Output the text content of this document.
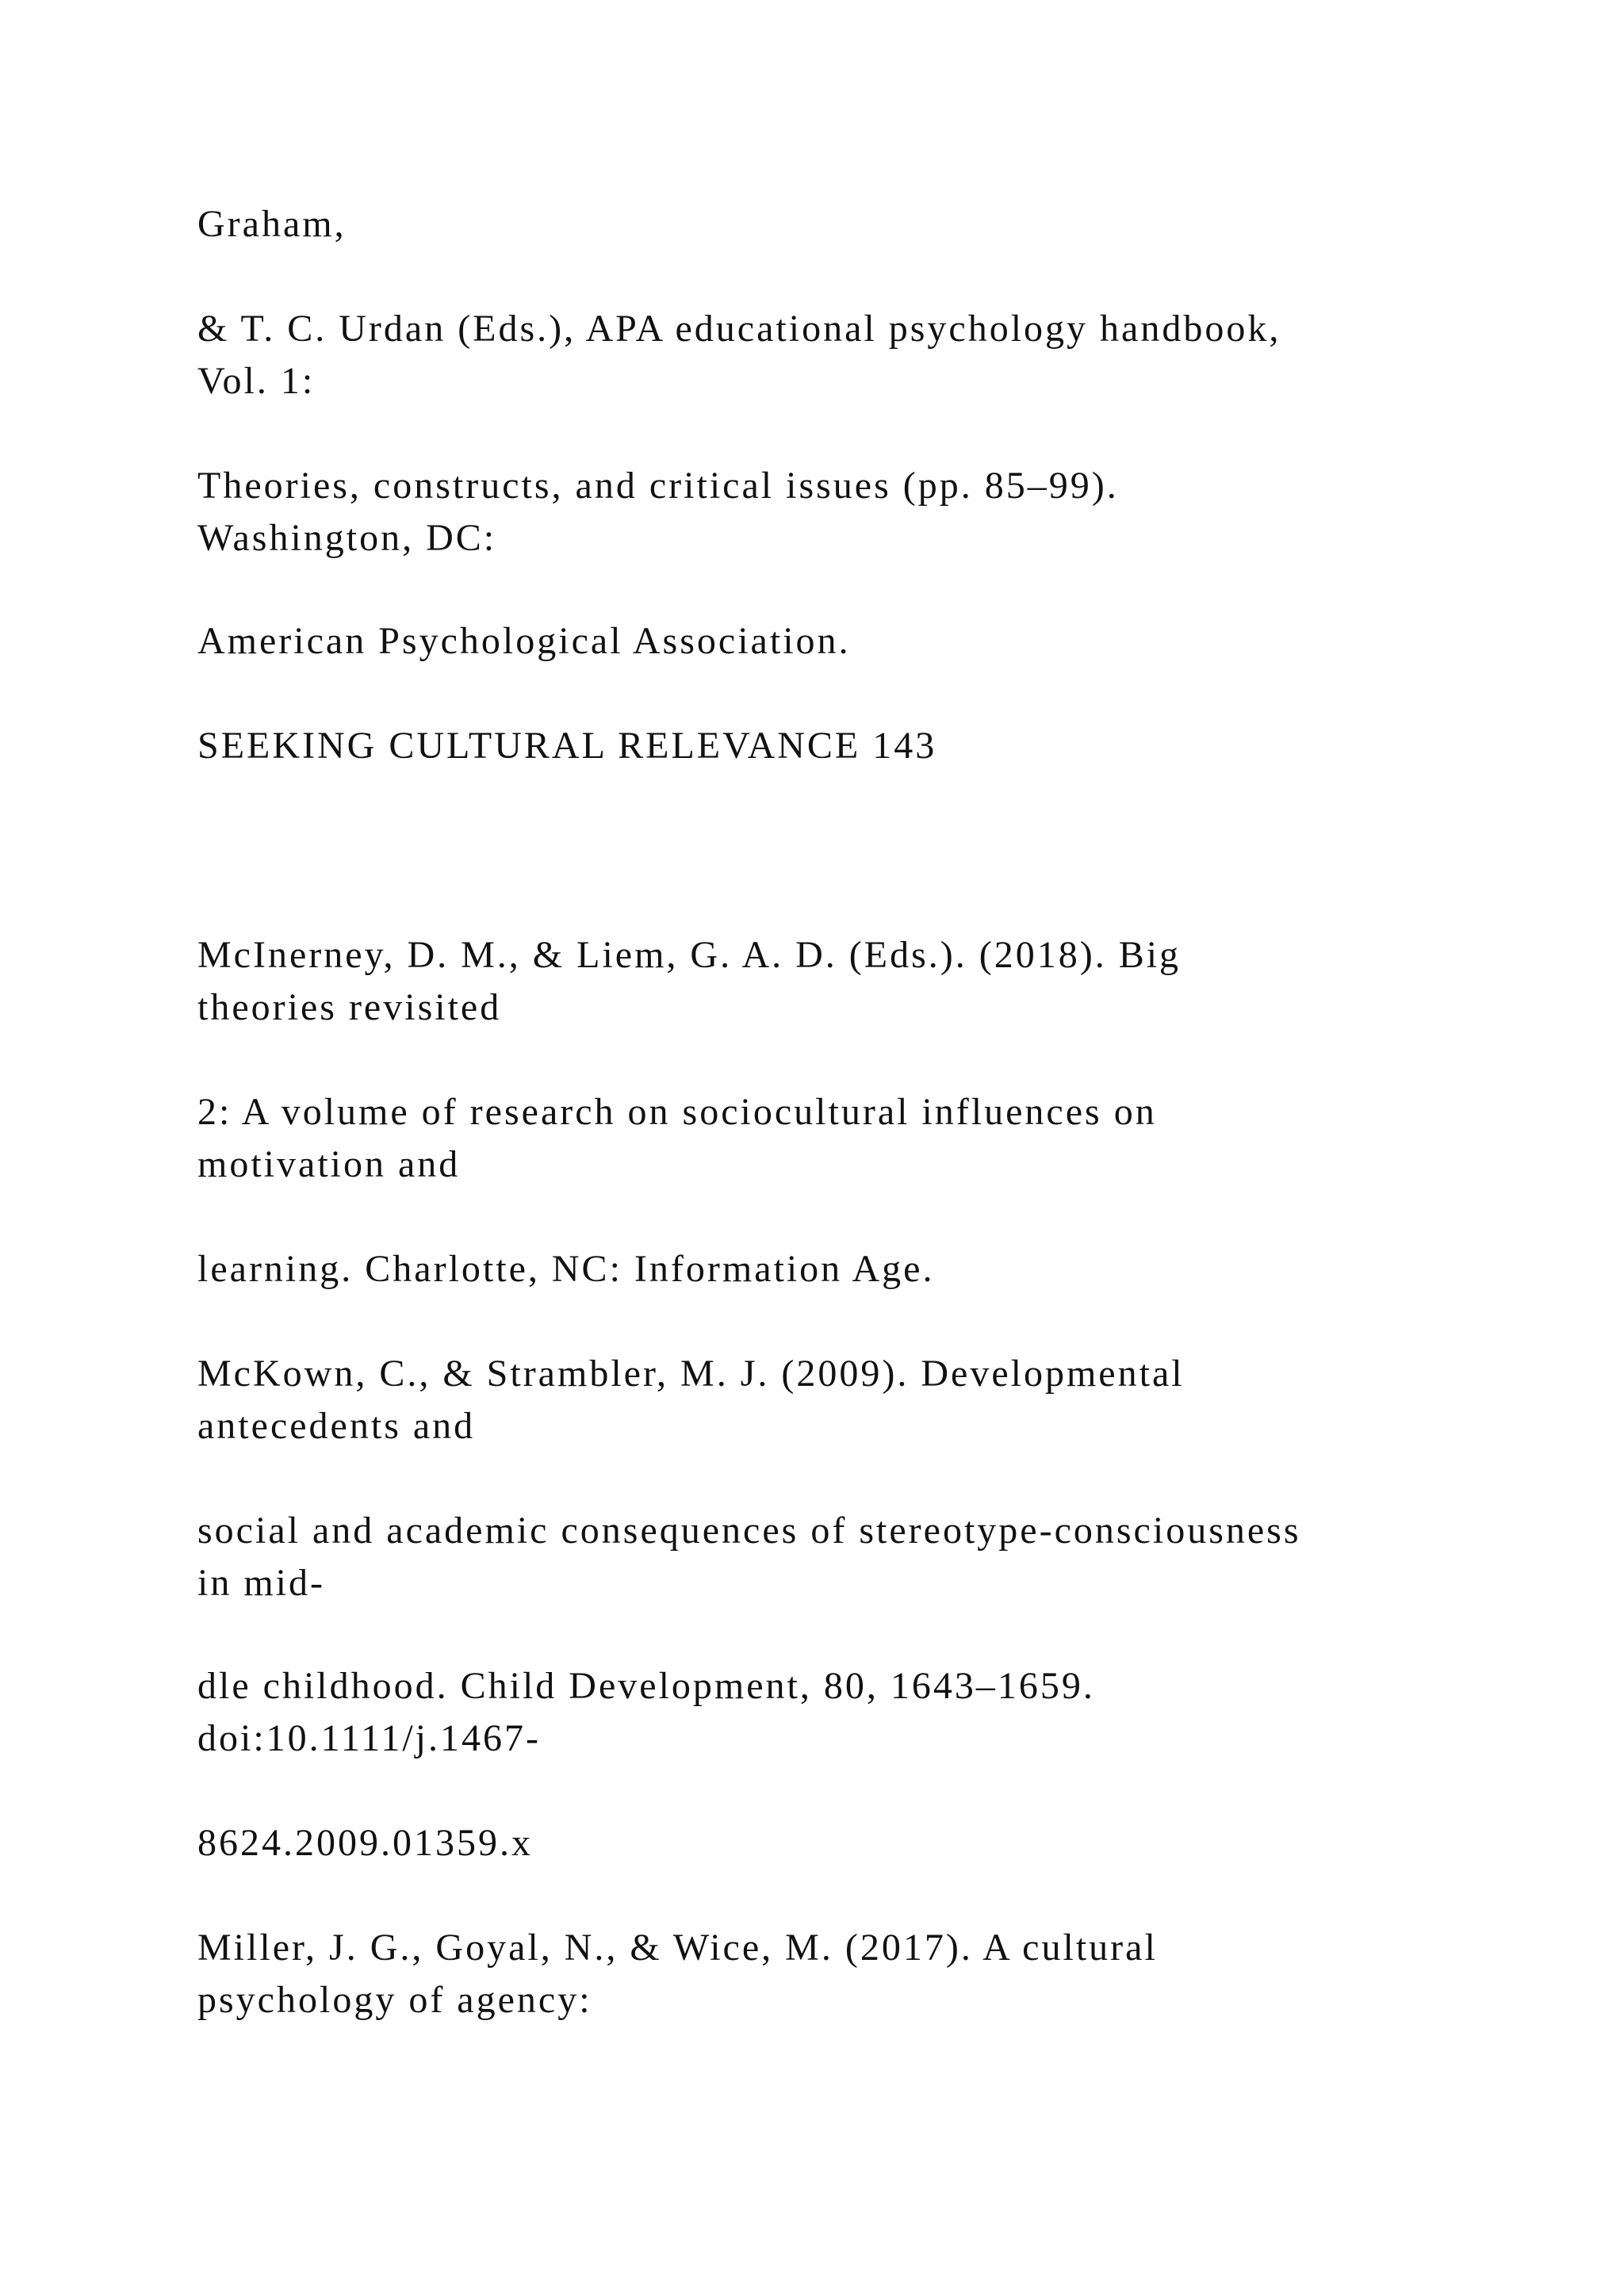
Graham,

& T. C. Urdan (Eds.), APA educational psychology handbook,
Vol. 1:

Theories, constructs, and critical issues (pp. 85–99).
Washington, DC:

American Psychological Association.

SEEKING CULTURAL RELEVANCE 143

McInerney, D. M., & Liem, G. A. D. (Eds.). (2018). Big
theories revisited

2: A volume of research on sociocultural influences on
motivation and

learning. Charlotte, NC: Information Age.

McKown, C., & Strambler, M. J. (2009). Developmental
antecedents and

social and academic consequences of stereotype-consciousness
in mid-

dle childhood. Child Development, 80, 1643–1659.
doi:10.1111/j.1467-

8624.2009.01359.x

Miller, J. G., Goyal, N., & Wice, M. (2017). A cultural
psychology of agency:
